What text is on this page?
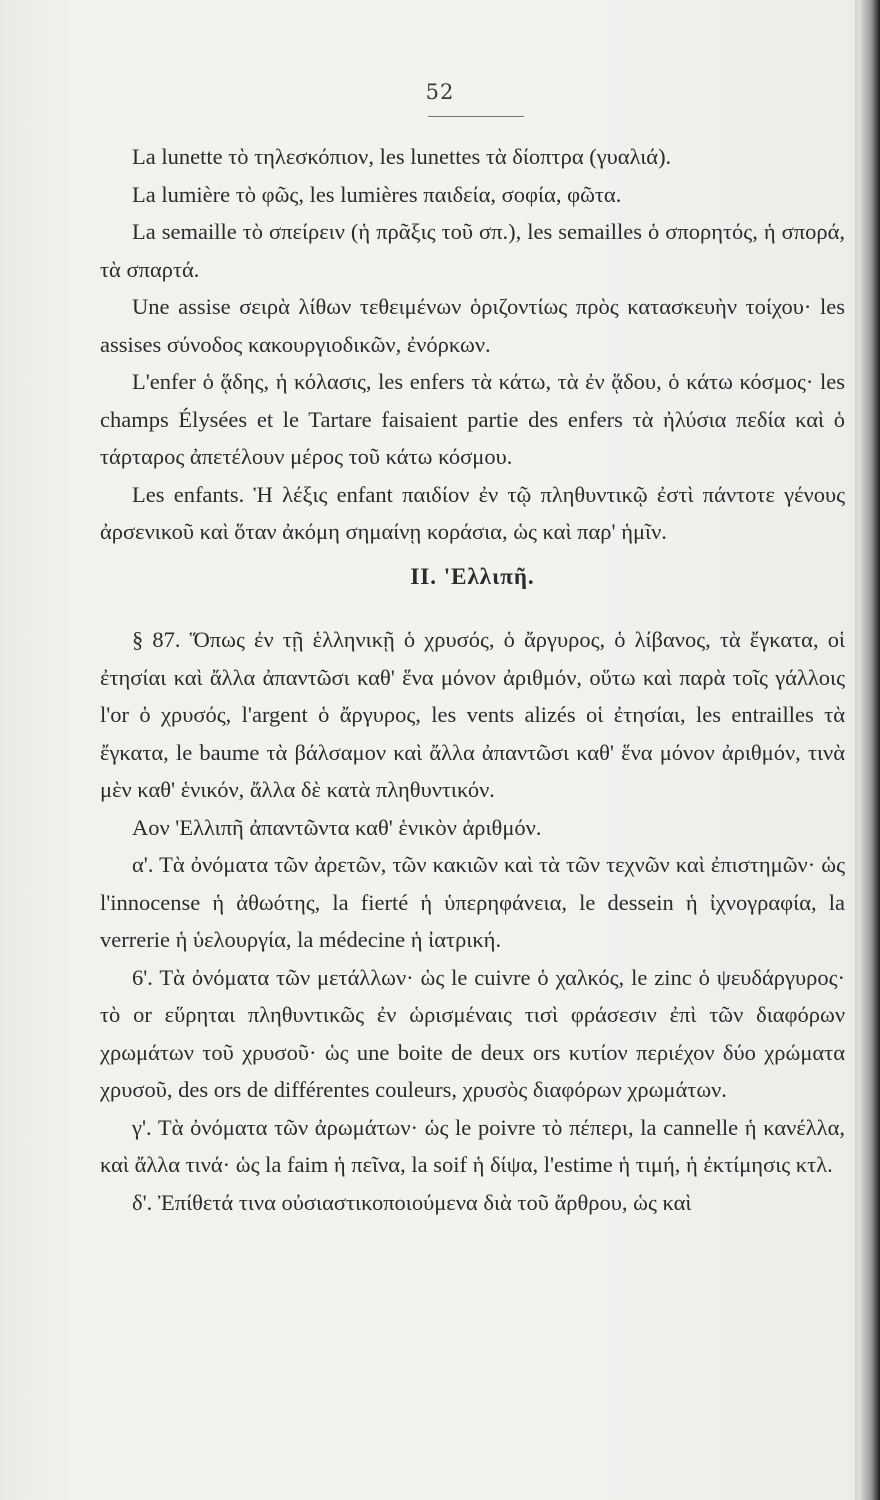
52

La lunette τὸ τηλεσκόπιον, les lunettes τὰ δίοπτρα (γυαλιά).

La lumière τὸ φῶς, les lumières παιδεία, σοφία, φῶτα.

La semaille τὸ σπείρειν (ἡ πρᾶξις τοῦ σπ.), les semailles ὁ σπορητός, ἡ σπορά, τὰ σπαρτά.

Une assise σειρὰ λίθων τεθειμένων ὁριζοντίως πρὸς κατασκευὴν τοίχου· les assises σύνοδος κακουργιοδικῶν, ἐνόρκων.

L'enfer ὁ ᾅδης, ἡ κόλασις, les enfers τὰ κάτω, τὰ ἐν ᾅδου, ὁ κάτω κόσμος· les champs Élysées et le Tartare faisaient partie des enfers τὰ ἠλύσια πεδία καὶ ὁ τάρταρος ἀπετέλουν μέρος τοῦ κάτω κόσμου.

Les enfants. Ἡ λέξις enfant παιδίον ἐν τῷ πληθυντικῷ ἐστὶ πάντοτε γένους ἀρσενικοῦ καὶ ὅταν ἀκόμη σημαίνῃ κοράσια, ὡς καὶ παρ' ἡμῖν.

II. 'Ελλιπῆ.

§ 87. Ὅπως ἐν τῇ ἑλληνικῇ ὁ χρυσός, ὁ ἄργυρος, ὁ λίβανος, τὰ ἔγκατα, οἱ ἐτησίαι καὶ ἄλλα ἀπαντῶσι καθ' ἕνα μόνον ἀριθμόν, οὕτω καὶ παρὰ τοῖς γάλλοις l'or ὁ χρυσός, l'argent ὁ ἄργυρος, les vents alizés οἱ ἐτησίαι, les entrailles τὰ ἔγκατα, le baume τὰ βάλσαμον καὶ ἄλλα ἀπαντῶσι καθ' ἕνα μόνον ἀριθμόν, τινὰ μὲν καθ' ἑνικόν, ἄλλα δὲ κατὰ πληθυντικόν.

Αον 'Ελλιπῆ ἀπαντῶντα καθ' ἑνικὸν ἀριθμόν.

α'. Τὰ ὀνόματα τῶν ἀρετῶν, τῶν κακιῶν καὶ τὰ τῶν τεχνῶν καὶ ἐπιστημῶν· ὡς l'innocense ἡ ἀθωότης, la fierté ἡ ὑπερηφάνεια, le dessein ἡ ἰχνογραφία, la verrerie ἡ ὑελουργία, la médecine ἡ ἰατρική.

6'. Τὰ ὀνόματα τῶν μετάλλων· ὡς le cuivre ὁ χαλκός, le zinc ὁ ψευδάργυρος· τὸ or εὕρηται πληθυντικῶς ἐν ὡρισμέναις τισὶ φράσεσιν ἐπὶ τῶν διαφόρων χρωμάτων τοῦ χρυσοῦ· ὡς une boite de deux ors κυτίον περιέχον δύο χρώματα χρυσοῦ, des ors de différentes couleurs, χρυσὸς διαφόρων χρωμάτων.

γ'. Τὰ ὀνόματα τῶν ἀρωμάτων· ὡς le poivre τὸ πέπερι, la cannelle ἡ κανέλλα, καὶ ἄλλα τινά· ὡς la faim ἡ πεῖνα, la soif ἡ δίψα, l'estime ἡ τιμή, ἡ ἐκτίμησις κτλ.

δ'. Ἐπίθετά τινα οὐσιαστικοποιούμενα διὰ τοῦ ἄρθρου, ὡς καὶ
